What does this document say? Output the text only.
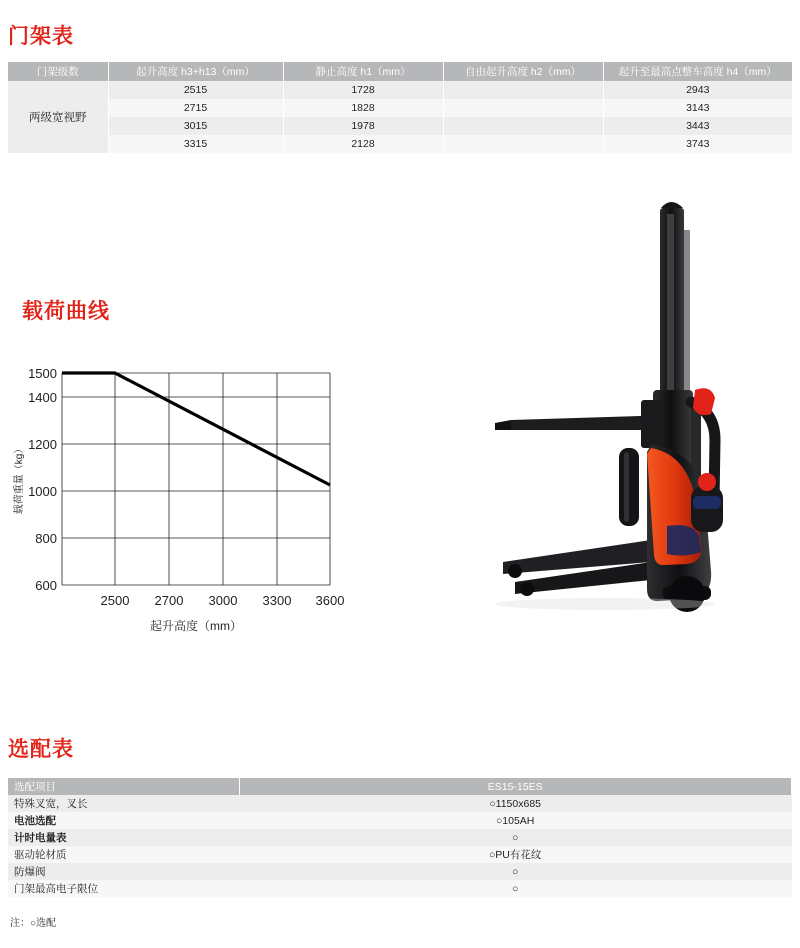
门架表
门架级数	起升高度 h3+h13（mm）	静止高度 h1（mm）	自由起升高度 h2（mm）	起升至最高点整车高度 h4（mm）
两级宽视野	2515	1728		2943
	2715	1828		3143
	3015	1978		3443
	3315	2128		3743
载荷曲线
1500
1400
1200
1000
800
600
2500 2700 3000 3300 3600
起升高度（mm）
载荷重量（kg）
选配表
选配项目	ES15-15ES
特殊叉宽，叉长	○1150x685
电池选配	○105AH
计时电量表	○
驱动轮材质	○PU有花纹
防爆阀	○
门架最高电子限位	○
注：○选配
